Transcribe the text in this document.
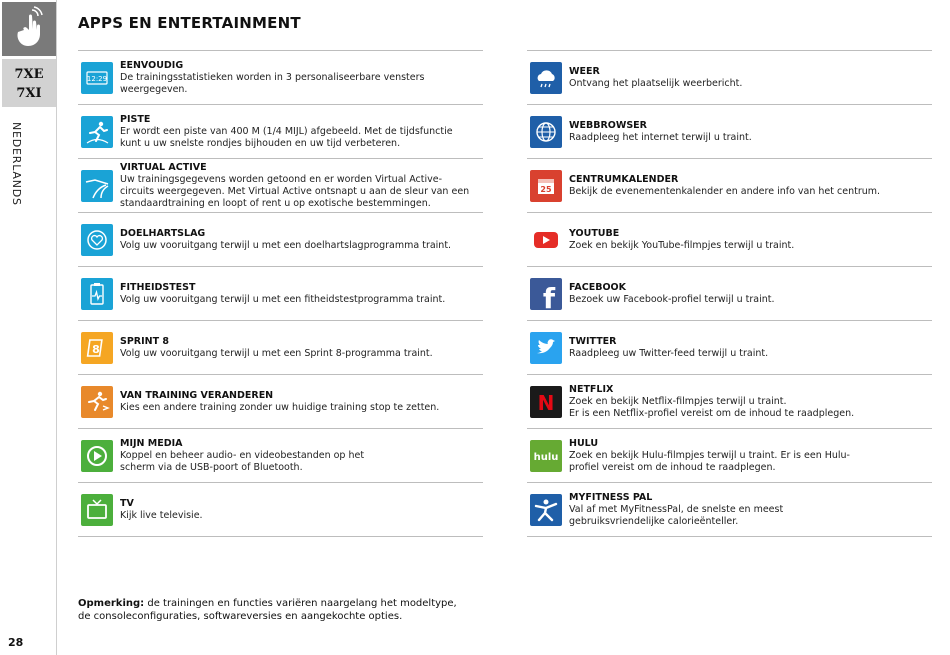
7XE
7XI
NEDERLANDS
28
APPS EN ENTERTAINMENT
12:29
EENVOUDIG
De trainingsstatistieken worden in 3 personaliseerbare vensters weergegeven.
PISTE
Er wordt een piste van 400 M (1/4 MIJL) afgebeeld. Met de tijdsfunctie
kunt u uw snelste rondjes bijhouden en uw tijd verbeteren.
VIRTUAL ACTIVE
Uw trainingsgegevens worden getoond en er worden Virtual Active-
circuits weergegeven. Met Virtual Active ontsnapt u aan de sleur van een
standaardtraining en loopt of rent u op exotische bestemmingen.
DOELHARTSLAG
Volg uw vooruitgang terwijl u met een doelhartslagprogramma traint.
FITHEIDSTEST
Volg uw vooruitgang terwijl u met een fitheidstestprogramma traint.
8
SPRINT 8
Volg uw vooruitgang terwijl u met een Sprint 8-programma traint.
VAN TRAINING VERANDEREN
Kies een andere training zonder uw huidige training stop te zetten.
MIJN MEDIA
Koppel en beheer audio- en videobestanden op het
scherm via de USB-poort of Bluetooth.
TV
Kijk live televisie.
WEER
Ontvang het plaatselijk weerbericht.
WEBBROWSER
Raadpleeg het internet terwijl u traint.
25
CENTRUMKALENDER
Bekijk de evenementenkalender en andere info van het centrum.
YOUTUBE
Zoek en bekijk YouTube-filmpjes terwijl u traint.
f FACEBOOK
Bezoek uw Facebook-profiel terwijl u traint.
TWITTER
Raadpleeg uw Twitter-feed terwijl u traint.
N
NETFLIX
Zoek en bekijk Netflix-filmpjes terwijl u traint.
Er is een Netflix-profiel vereist om de inhoud te raadplegen.
hulu
HULU
Zoek en bekijk Hulu-filmpjes terwijl u traint. Er is een Hulu-
profiel vereist om de inhoud te raadplegen.
MYFITNESS PAL
Val af met MyFitnessPal, de snelste en meest
gebruiksvriendelijke calorieënteller.
Opmerking: de trainingen en functies variëren naargelang het modeltype,
de consoleconfiguraties, softwareversies en aangekochte opties.
